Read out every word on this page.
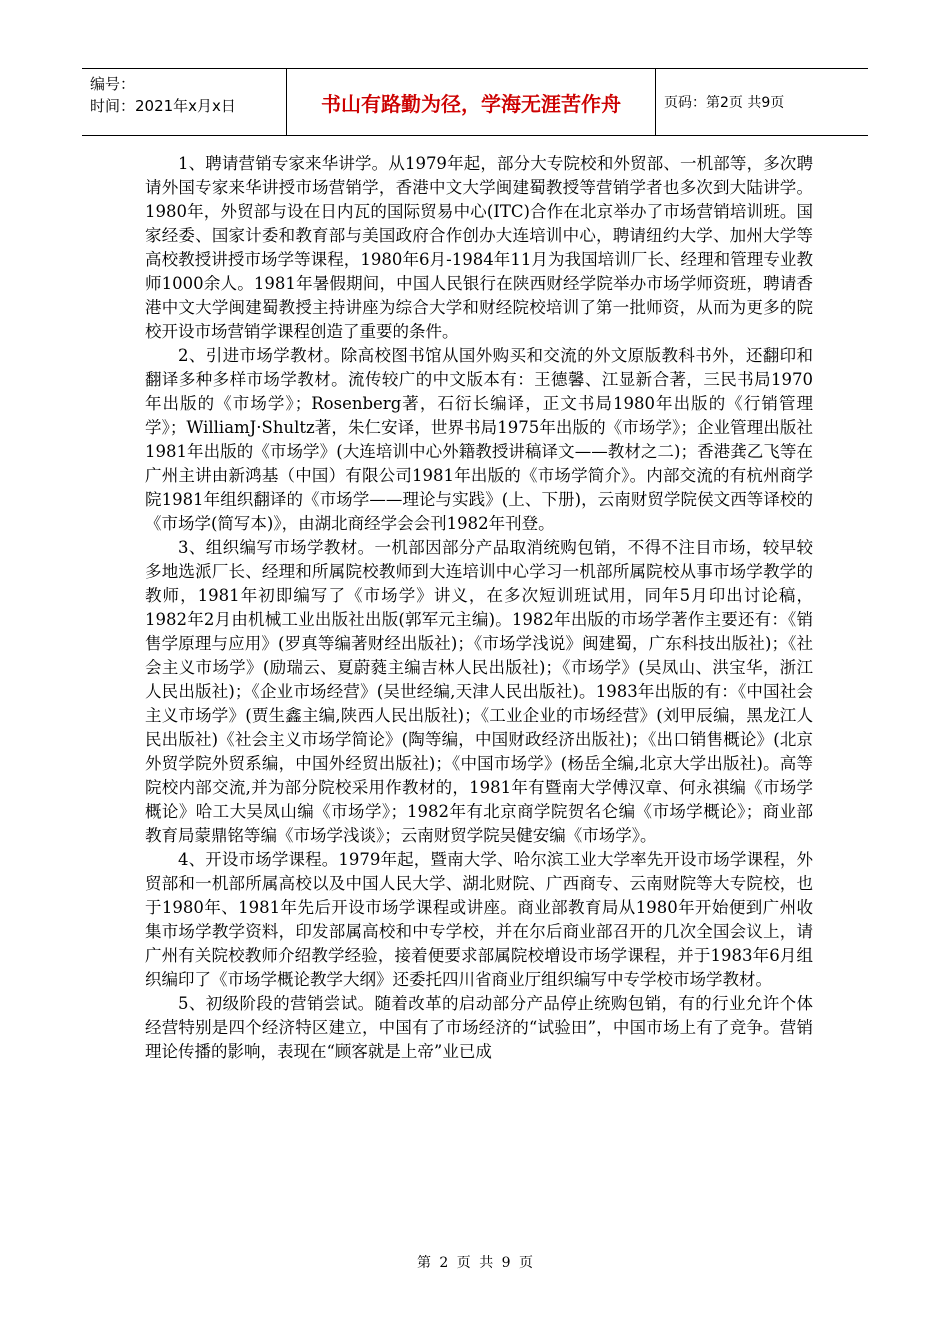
编号：
时间：2021年x月x日	书山有路勤为径，学海无涯苦作舟	页码：第2页 共9页

1、聘请营销专家来华讲学。从1979年起，部分大专院校和外贸部、一机部等，多次聘请外国专家来华讲授市场营销学，香港中文大学闽建蜀教授等营销学者也多次到大陆讲学。1980年，外贸部与设在日内瓦的国际贸易中心(ITC)合作在北京举办了市场营销培训班。国家经委、国家计委和教育部与美国政府合作创办大连培训中心，聘请纽约大学、加州大学等高校教授讲授市场学等课程，1980年6月-1984年11月为我国培训厂长、经理和管理专业教师1000余人。1981年暑假期间，中国人民银行在陕西财经学院举办市场学师资班，聘请香港中文大学闽建蜀教授主持讲座为综合大学和财经院校培训了第一批师资，从而为更多的院校开设市场营销学课程创造了重要的条件。

2、引进市场学教材。除高校图书馆从国外购买和交流的外文原版教科书外，还翻印和翻译多种多样市场学教材。流传较广的中文版本有：王德馨、江显新合著，三民书局1970年出版的《市场学》；Rosenberg著，石衍长编译，正文书局1980年出版的《行销管理学》；WilliamJ·Shultz著，朱仁安译，世界书局1975年出版的《市场学》；企业管理出版社1981年出版的《市场学》(大连培训中心外籍教授讲稿译文——教材之二)；香港龚乙飞等在广州主讲由新鸿基（中国）有限公司1981年出版的《市场学简介》。内部交流的有杭州商学院1981年组织翻译的《市场学——理论与实践》(上、下册)，云南财贸学院侯文西等译校的《市场学(简写本)》，由湖北商经学会会刊1982年刊登。

3、组织编写市场学教材。一机部因部分产品取消统购包销，不得不注目市场，较早较多地选派厂长、经理和所属院校教师到大连培训中心学习一机部所属院校从事市场学教学的教师，1981年初即编写了《市场学》讲义，在多次短训班试用，同年5月印出讨论稿，1982年2月由机械工业出版社出版(郭军元主编)。1982年出版的市场学著作主要还有：《销售学原理与应用》(罗真等编著财经出版社)；《市场学浅说》闽建蜀，广东科技出版社)；《社会主义市场学》(励瑞云、夏蔚蕤主编吉林人民出版社)；《市场学》(吴凤山、洪宝华，浙江人民出版社)；《企业市场经营》(吴世经编,天津人民出版社)。1983年出版的有：《中国社会主义市场学》(贾生鑫主编,陕西人民出版社)；《工业企业的市场经营》(刘甲辰编，黑龙江人民出版社)《社会主义市场学简论》(陶等编，中国财政经济出版社)；《出口销售概论》(北京外贸学院外贸系编，中国外经贸出版社)；《中国市场学》(杨岳全编,北京大学出版社)。高等院校内部交流,并为部分院校采用作教材的，1981年有暨南大学傅汉章、何永祺编《市场学概论》哈工大吴凤山编《市场学》；1982年有北京商学院贺名仑编《市场学概论》；商业部教育局蒙鼎铭等编《市场学浅谈》；云南财贸学院吴健安编《市场学》。

4、开设市场学课程。1979年起，暨南大学、哈尔滨工业大学率先开设市场学课程，外贸部和一机部所属高校以及中国人民大学、湖北财院、广西商专、云南财院等大专院校，也于1980年、1981年先后开设市场学课程或讲座。商业部教育局从1980年开始便到广州收集市场学教学资料，印发部属高校和中专学校，并在尔后商业部召开的几次全国会议上，请广州有关院校教师介绍教学经验，接着便要求部属院校增设市场学课程，并于1983年6月组织编印了《市场学概论教学大纲》还委托四川省商业厅组织编写中专学校市场学教材。

5、初级阶段的营销尝试。随着改革的启动部分产品停止统购包销，有的行业允许个体经营特别是四个经济特区建立，中国有了市场经济的“试验田”，中国市场上有了竞争。营销理论传播的影响，表现在“顾客就是上帝”业已成

第 2 页 共 9 页
